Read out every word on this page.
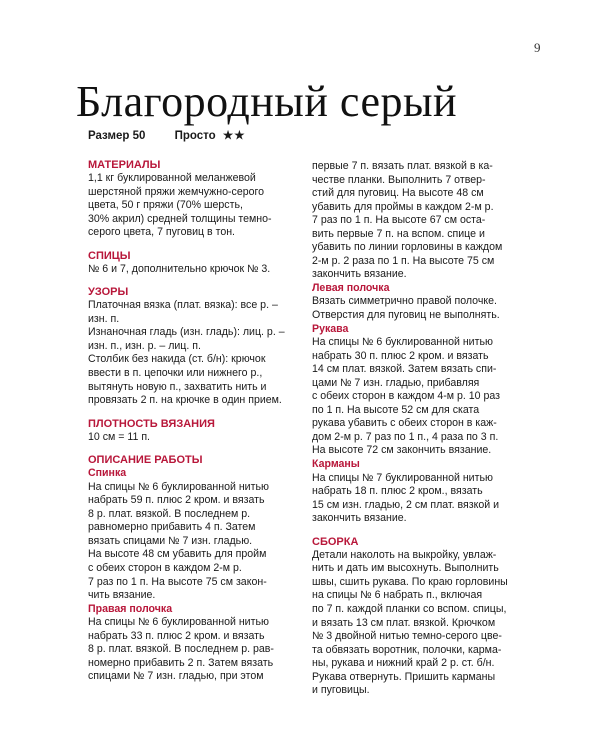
9
Благородный серый
Размер 50	Просто ★★
МАТЕРИАЛЫ
1,1 кг буклированной меланжевой
шерстяной пряжи жемчужно-серого
цвета, 50 г пряжи (70% шерсть,
30% акрил) средней толщины темно-
серого цвета, 7 пуговиц в тон.
СПИЦЫ
№ 6 и 7, дополнительно крючок № 3.
УЗОРЫ
Платочная вязка (плат. вязка): все р. –
изн. п.
Изнаночная гладь (изн. гладь): лиц. р. –
изн. п., изн. р. – лиц. п.
Столбик без накида (ст. б/н): крючок
ввести в п. цепочки или нижнего р.,
вытянуть новую п., захватить нить и
провязать 2 п. на крючке в один прием.
ПЛОТНОСТЬ ВЯЗАНИЯ
10 см = 11 п.
ОПИСАНИЕ РАБОТЫ
Спинка
На спицы № 6 буклированной нитью
набрать 59 п. плюс 2 кром. и вязать
8 р. плат. вязкой. В последнем р.
равномерно прибавить 4 п. Затем
вязать спицами № 7 изн. гладью.
На высоте 48 см убавить для пройм
с обеих сторон в каждом 2-м р.
7 раз по 1 п. На высоте 75 см закон-
чить вязание.
Правая полочка
На спицы № 6 буклированной нитью
набрать 33 п. плюс 2 кром. и вязать
8 р. плат. вязкой. В последнем р. рав-
номерно прибавить 2 п. Затем вязать
спицами № 7 изн. гладью, при этом
первые 7 п. вязать плат. вязкой в ка-
честве планки. Выполнить 7 отвер-
стий для пуговиц. На высоте 48 см
убавить для проймы в каждом 2-м р.
7 раз по 1 п. На высоте 67 см оста-
вить первые 7 п. на вспом. спице и
убавить по линии горловины в каждом
2-м р. 2 раза по 1 п. На высоте 75 см
закончить вязание.
Левая полочка
Вязать симметрично правой полочке.
Отверстия для пуговиц не выполнять.
Рукава
На спицы № 6 буклированной нитью
набрать 30 п. плюс 2 кром. и вязать
14 см плат. вязкой. Затем вязать спи-
цами № 7 изн. гладью, прибавляя
с обеих сторон в каждом 4-м р. 10 раз
по 1 п. На высоте 52 см для ската
рукава убавить с обеих сторон в каж-
дом 2-м р. 7 раз по 1 п., 4 раза по 3 п.
На высоте 72 см закончить вязание.
Карманы
На спицы № 7 буклированной нитью
набрать 18 п. плюс 2 кром., вязать
15 см изн. гладью, 2 см плат. вязкой и
закончить вязание.
СБОРКА
Детали наколоть на выкройку, увлаж-
нить и дать им высохнуть. Выполнить
швы, сшить рукава. По краю горловины
на спицы № 6 набрать п., включая
по 7 п. каждой планки со вспом. спицы,
и вязать 13 см плат. вязкой. Крючком
№ 3 двойной нитью темно-серого цве-
та обвязать воротник, полочки, карма-
ны, рукава и нижний край 2 р. ст. б/н.
Рукава отвернуть. Пришить карманы
и пуговицы.
